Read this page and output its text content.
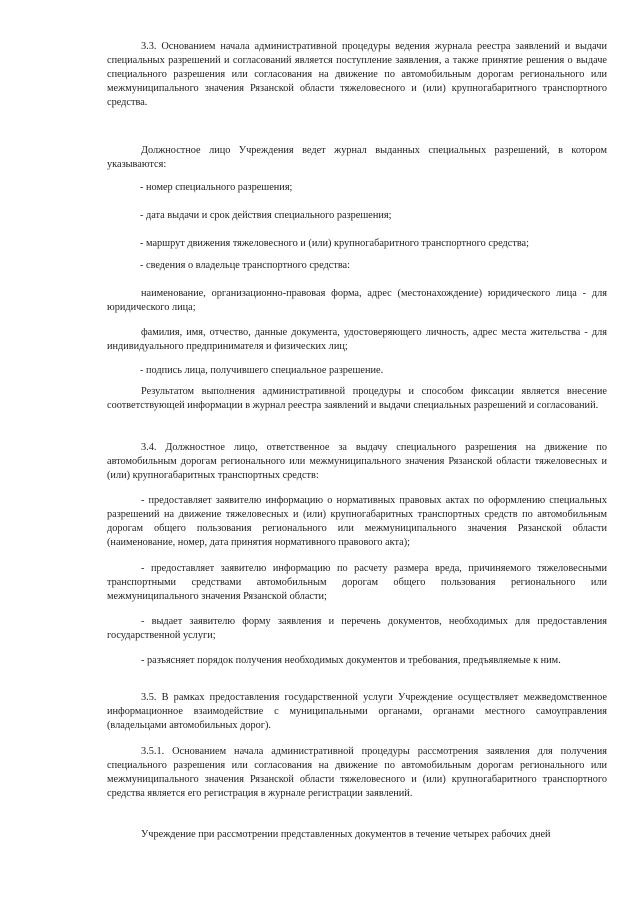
3.3. Основанием начала административной процедуры ведения журнала реестра заявлений и выдачи специальных разрешений и согласований является поступление заявления, а также принятие решения о выдаче специального разрешения или согласования на движение по автомобильным дорогам регионального или межмуниципального значения Рязанской области тяжеловесного и (или) крупногабаритного транспортного средства.

Должностное лицо Учреждения ведет журнал выданных специальных разрешений, в котором указываются:

- номер специального разрешения;

- дата выдачи и срок действия специального разрешения;

- маршрут движения тяжеловесного и (или) крупногабаритного транспортного средства;

- сведения о владельце транспортного средства:

наименование, организационно-правовая форма, адрес (местонахождение) юридического лица - для юридического лица;

фамилия, имя, отчество, данные документа, удостоверяющего личность, адрес места жительства - для индивидуального предпринимателя и физических лиц;

- подпись лица, получившего специальное разрешение.

Результатом выполнения административной процедуры и способом фиксации является внесение соответствующей информации в журнал реестра заявлений и выдачи специальных разрешений и согласований.

3.4. Должностное лицо, ответственное за выдачу специального разрешения на движение по автомобильным дорогам регионального или межмуниципального значения Рязанской области тяжеловесных и (или) крупногабаритных транспортных средств:

- предоставляет заявителю информацию о нормативных правовых актах по оформлению специальных разрешений на движение тяжеловесных и (или) крупногабаритных транспортных средств по автомобильным дорогам общего пользования регионального или межмуниципального значения Рязанской области (наименование, номер, дата принятия нормативного правового акта);

- предоставляет заявителю информацию по расчету размера вреда, причиняемого тяжеловесными транспортными средствами автомобильным дорогам общего пользования регионального или межмуниципального значения Рязанской области;

- выдает заявителю форму заявления и перечень документов, необходимых для предоставления государственной услуги;

- разъясняет порядок получения необходимых документов и требования, предъявляемые к ним.

3.5. В рамках предоставления государственной услуги Учреждение осуществляет межведомственное информационное взаимодействие с муниципальными органами, органами местного самоуправления (владельцами автомобильных дорог).

3.5.1. Основанием начала административной процедуры рассмотрения заявления для получения специального разрешения или согласования на движение по автомобильным дорогам регионального или межмуниципального значения Рязанской области тяжеловесного и (или) крупногабаритного транспортного средства является его регистрация в журнале регистрации заявлений.

Учреждение при рассмотрении представленных документов в течение четырех рабочих дней
